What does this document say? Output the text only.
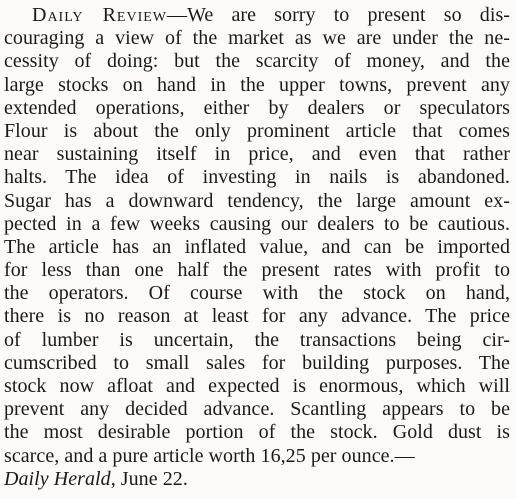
Daily Review—We are sorry to present so dis-
couraging a view of the market as we are under the ne-
cessity of doing: but the scarcity of money, and the
large stocks on hand in the upper towns, prevent any
extended operations, either by dealers or speculators
Flour is about the only prominent article that comes
near sustaining itself in price, and even that rather
halts. The idea of investing in nails is abandoned.
Sugar has a downward tendency, the large amount ex-
pected in a few weeks causing our dealers to be cautious.
The article has an inflated value, and can be imported
for less than one half the present rates with profit to
the operators. Of course with the stock on hand,
there is no reason at least for any advance. The price
of lumber is uncertain, the transactions being cir-
cumscribed to small sales for building purposes. The
stock now afloat and expected is enormous, which will
prevent any decided advance. Scantling appears to be
the most desirable portion of the stock. Gold dust is
scarce, and a pure article worth 16,25 per ounce.—
Daily Herald, June 22.
